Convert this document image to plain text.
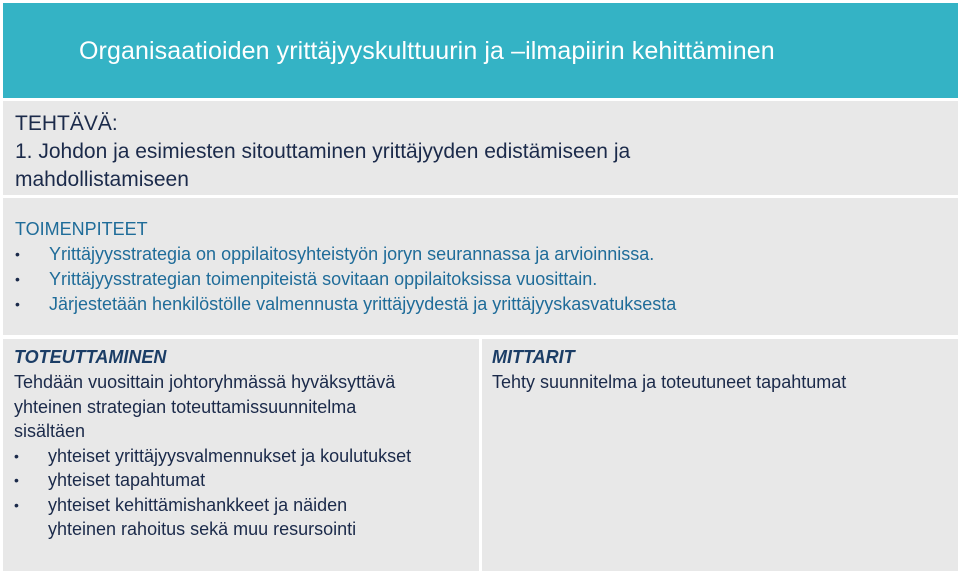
Organisaatioiden yrittäjyyskulttuurin ja –ilmapiirin kehittäminen

TEHTÄVÄ:
1. Johdon ja esimiesten sitouttaminen yrittäjyyden edistämiseen ja
mahdollistamiseen

TOIMENPITEET

• Yrittäjyysstrategia on oppilaitosyhteistyön joryn seurannassa ja arvioinnissa.
• Yrittäjyysstrategian toimenpiteistä sovitaan oppilaitoksissa vuosittain.
• Järjestetään henkilöstölle valmennusta yrittäjyydestä ja yrittäjyyskasvatuksesta

TOTEUTTAMINEN

Tehdään vuosittain johtoryhmässä hyväksyttävä
yhteinen strategian toteuttamissuunnitelma
sisältäen

• yhteiset yrittäjyysvalmennukset ja koulutukset
• yhteiset tapahtumat
• yhteiset kehittämishankkeet ja näiden
yhteinen rahoitus sekä muu resursointi

MITTARIT

Tehty suunnitelma ja toteutuneet tapahtumat
